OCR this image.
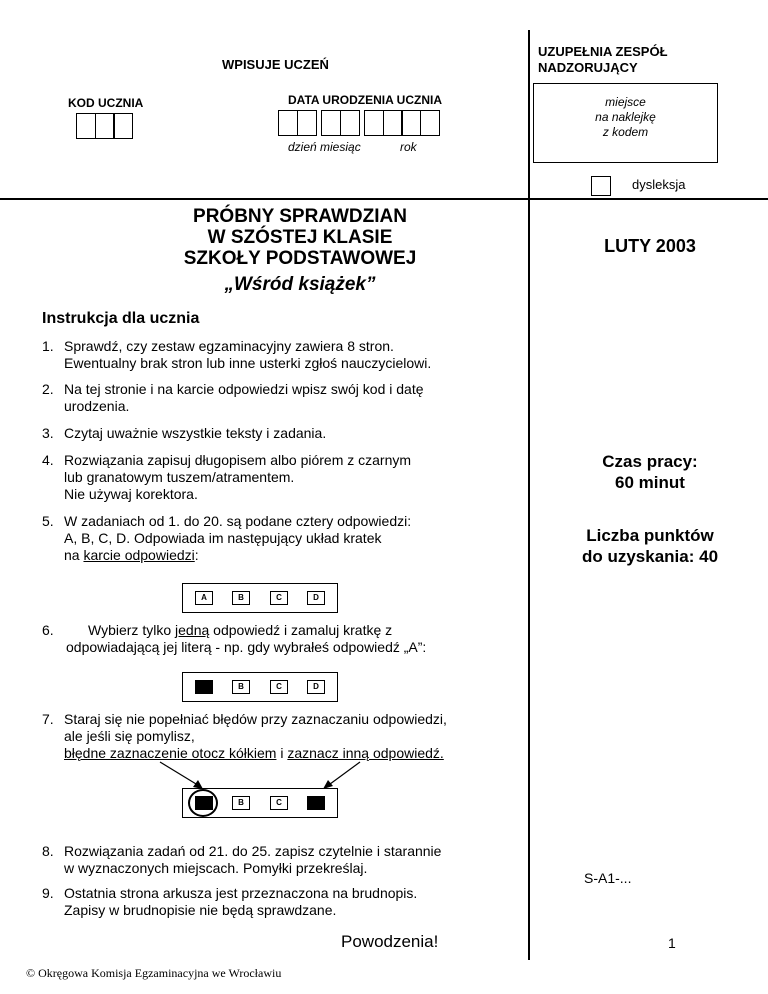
WPISUJE UCZEŃ
KOD UCZNIA	DATA URODZENIA UCZNIA
dzień miesiąc	rok
UZUPEŁNIA ZESPÓŁ
NADZORUJĄCY
miejsce
na naklejkę
z kodem
dysleksja
PRÓBNY SPRAWDZIAN
W SZÓSTEJ KLASIE
SZKOŁY PODSTAWOWEJ
„Wśród książek”
LUTY 2003
Czas pracy:
60 minut
Liczba punktów
do uzyskania: 40
S-A1-...
1
Instrukcja dla ucznia
1. Sprawdź, czy zestaw egzaminacyjny zawiera 8 stron.
Ewentualny brak stron lub inne usterki zgłoś nauczycielowi.
2. Na tej stronie i na karcie odpowiedzi wpisz swój kod i datę
urodzenia.
3. Czytaj uważnie wszystkie teksty i zadania.
4. Rozwiązania zapisuj długopisem albo piórem z czarnym
lub granatowym tuszem/atramentem.
Nie używaj korektora.
5. W zadaniach od 1. do 20. są podane cztery odpowiedzi:
A, B, C, D. Odpowiada im następujący układ kratek
na karcie odpowiedzi:
A	B	C	D
6. Wybierz tylko jedną odpowiedź i zamaluj kratkę z
odpowiadającą jej literą - np. gdy wybrałeś odpowiedź „A”:
B	C	D
7. Staraj się nie popełniać błędów przy zaznaczaniu odpowiedzi,
ale jeśli się pomylisz,
błędne zaznaczenie otocz kółkiem i zaznacz inną odpowiedź.
B	C
8. Rozwiązania zadań od 21. do 25. zapisz czytelnie i starannie
w wyznaczonych miejscach. Pomyłki przekreślaj.
9. Ostatnia strona arkusza jest przeznaczona na brudnopis.
Zapisy w brudnopisie nie będą sprawdzane.
Powodzenia!
© Okręgowa Komisja Egzaminacyjna we Wrocławiu
